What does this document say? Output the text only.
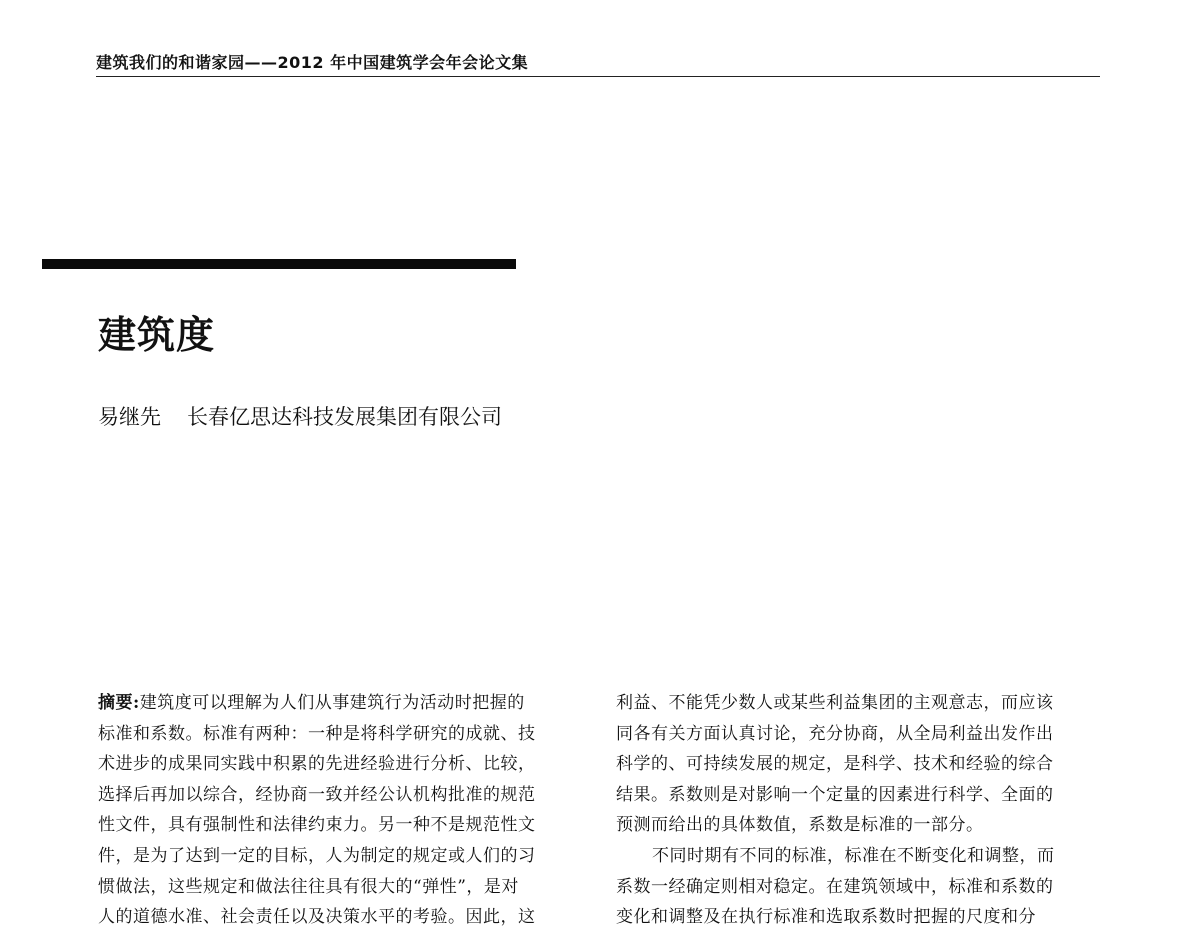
建筑我们的和谐家园——2012 年中国建筑学会年会论文集
建筑度
易继先 长春亿思达科技发展集团有限公司
摘要:建筑度可以理解为人们从事建筑行为活动时把握的
标准和系数。标准有两种：一种是将科学研究的成就、技
术进步的成果同实践中积累的先进经验进行分析、比较，
选择后再加以综合，经协商一致并经公认机构批准的规范
性文件，具有强制性和法律约束力。另一种不是规范性文
件，是为了达到一定的目标，人为制定的规定或人们的习
惯做法，这些规定和做法往往具有很大的“弹性”，是对
人的道德水准、社会责任以及决策水平的考验。因此，这
利益、不能凭少数人或某些利益集团的主观意志，而应该
同各有关方面认真讨论，充分协商，从全局利益出发作出
科学的、可持续发展的规定，是科学、技术和经验的综合
结果。系数则是对影响一个定量的因素进行科学、全面的
预测而给出的具体数值，系数是标准的一部分。
不同时期有不同的标准，标准在不断变化和调整，而
系数一经确定则相对稳定。在建筑领域中，标准和系数的
变化和调整及在执行标准和选取系数时把握的尺度和分
